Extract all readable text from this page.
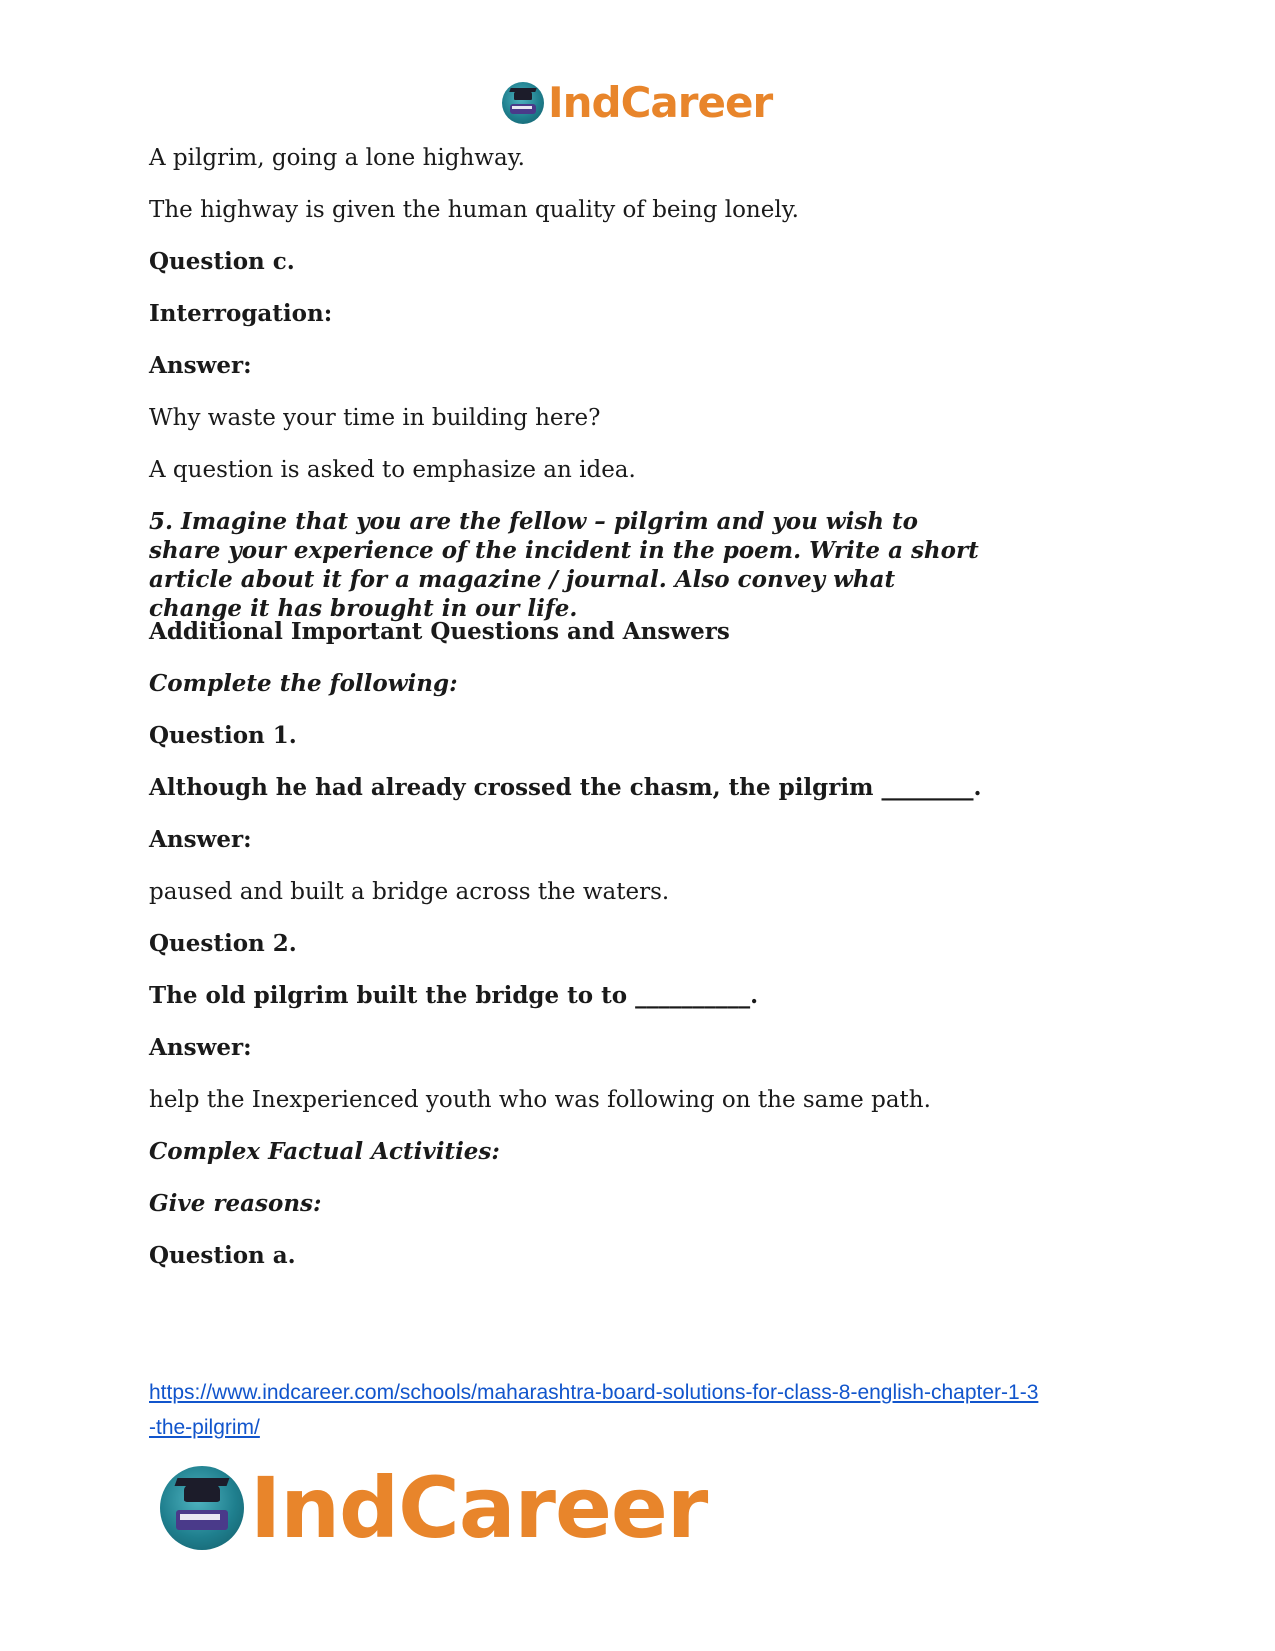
IndCareer

A pilgrim, going a lone highway.

The highway is given the human quality of being lonely.

Question c.

Interrogation:

Answer:

Why waste your time in building here?

A question is asked to emphasize an idea.

5. Imagine that you are the fellow – pilgrim and you wish to share your experience of the incident in the poem. Write a short article about it for a magazine / journal. Also convey what change it has brought in our life.

Additional Important Questions and Answers

Complete the following:

Question 1.

Although he had already crossed the chasm, the pilgrim ________.

Answer:

paused and built a bridge across the waters.

Question 2.

The old pilgrim built the bridge to to __________.

Answer:

help the Inexperienced youth who was following on the same path.

Complex Factual Activities:

Give reasons:

Question a.

https://www.indcareer.com/schools/maharashtra-board-solutions-for-class-8-english-chapter-1-3
-the-pilgrim/
IndCareer
